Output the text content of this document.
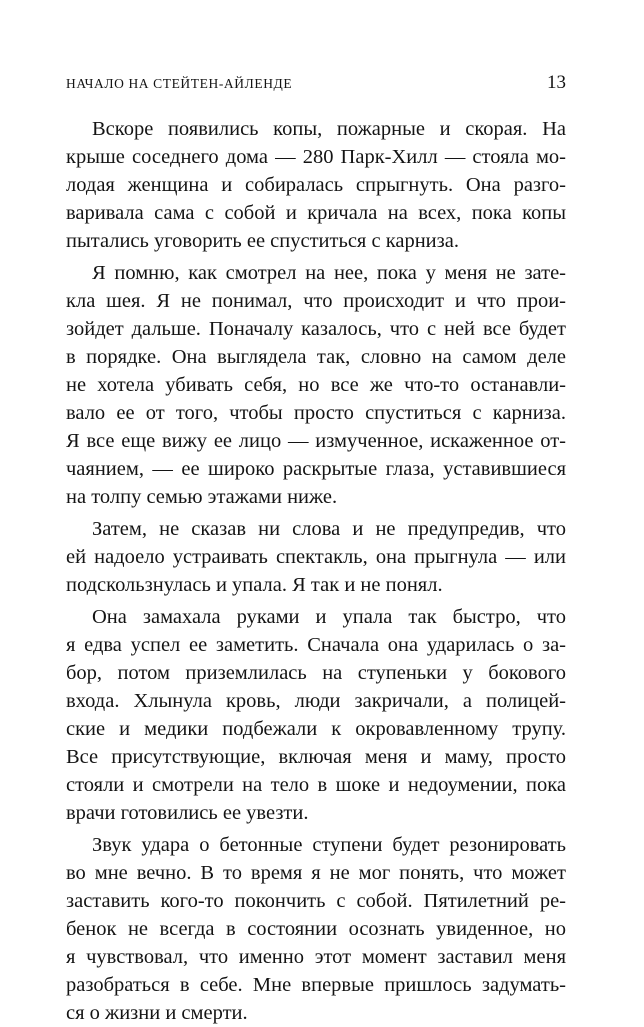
НАЧАЛО НА СТЕЙТЕН-АЙЛЕНДЕ	13
Вскоре появились копы, пожарные и скорая. На
крыше соседнего дома — 280 Парк-Хилл — стояла мо-
лодая женщина и собиралась спрыгнуть. Она разго-
варивала сама с собой и кричала на всех, пока копы
пытались уговорить ее спуститься с карниза.
Я помню, как смотрел на нее, пока у меня не зате-
кла шея. Я не понимал, что происходит и что прои-
зойдет дальше. Поначалу казалось, что с ней все будет
в порядке. Она выглядела так, словно на самом деле
не хотела убивать себя, но все же что-то останавли-
вало ее от того, чтобы просто спуститься с карниза.
Я все еще вижу ее лицо — измученное, искаженное от-
чаянием, — ее широко раскрытые глаза, уставившиеся
на толпу семью этажами ниже.
Затем, не сказав ни слова и не предупредив, что
ей надоело устраивать спектакль, она прыгнула — или
подскользнулась и упала. Я так и не понял.
Она замахала руками и упала так быстро, что
я едва успел ее заметить. Сначала она ударилась о за-
бор, потом приземлилась на ступеньки у бокового
входа. Хлынула кровь, люди закричали, а полицей-
ские и медики подбежали к окровавленному трупу.
Все присутствующие, включая меня и маму, просто
стояли и смотрели на тело в шоке и недоумении, пока
врачи готовились ее увезти.
Звук удара о бетонные ступени будет резонировать
во мне вечно. В то время я не мог понять, что может
заставить кого-то покончить с собой. Пятилетний ре-
бенок не всегда в состоянии осознать увиденное, но
я чувствовал, что именно этот момент заставил меня
разобраться в себе. Мне впервые пришлось задумать-
ся о жизни и смерти.
